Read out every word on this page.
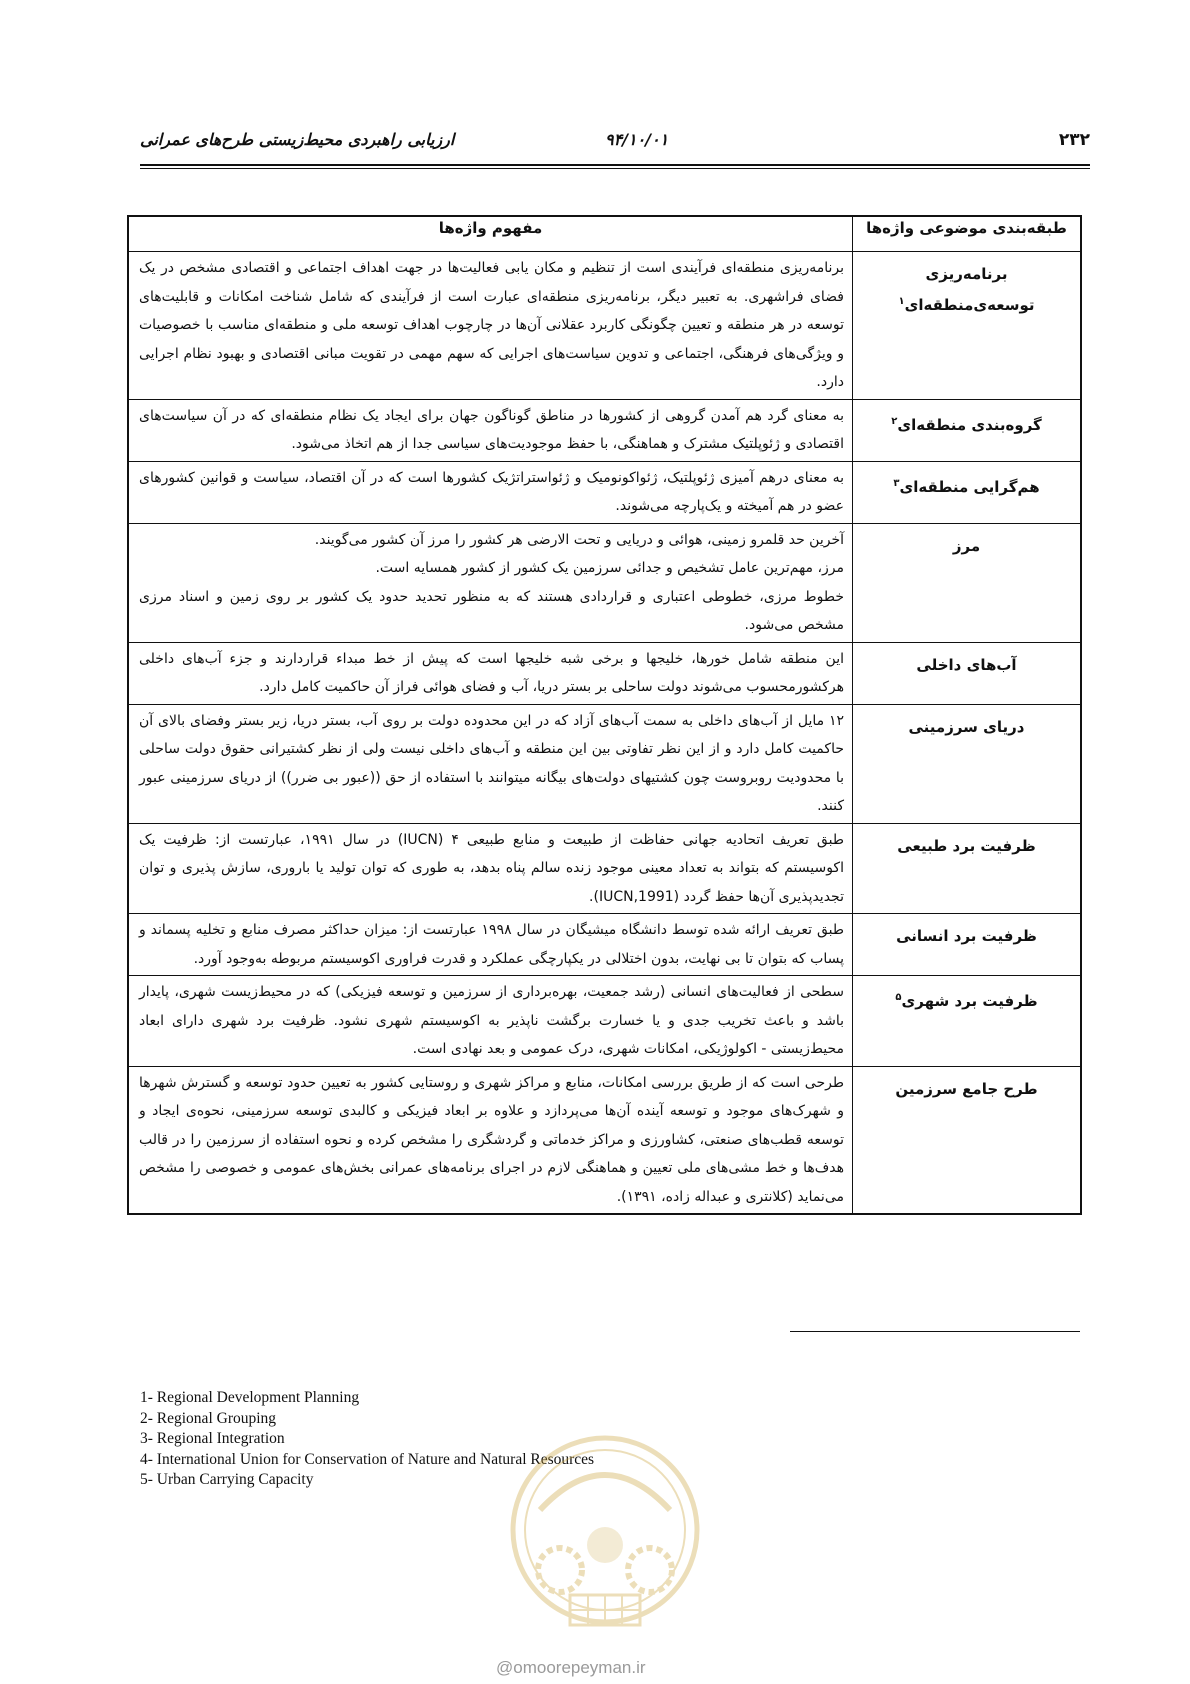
۲۳۲
۹۴/۱۰/۰۱
ارزیابی راهبردی محیط‌زیستی طرح‌های عمرانی
طبقه‌بندی موضوعی واژه‌ها	مفهوم واژه‌ها
برنامه‌ریزی توسعه‌ی‌منطقه‌ای$^۱$	برنامه‌ریزی منطقه‌ای فرآیندی است از تنظیم و مکان یابی فعالیت‌ها در جهت اهداف اجتماعی و اقتصادی مشخص در یک فضای فراشهری. به تعبیر دیگر، برنامه‌ریزی منطقه‌ای عبارت است از فرآیندی که شامل شناخت امکانات و قابلیت‌های توسعه در هر منطقه و تعیین چگونگی کاربرد عقلانی آن‌ها در چارچوب اهداف توسعه ملی و منطقه‌ای مناسب با خصوصیات و ویژگی‌های فرهنگی، اجتماعی و تدوین سیاست‌های اجرایی که سهم مهمی در تقویت مبانی اقتصادی و بهبود نظام اجرایی دارد.

گروه‌بندی منطقه‌ای$^۲$	به معنای گرد هم آمدن گروهی از کشورها در مناطق گوناگون جهان برای ایجاد یک نظام منطقه‌ای که در آن سیاست‌های اقتصادی و ژئوپلتیک مشترک و هماهنگی، با حفظ موجودیت‌های سیاسی جدا از هم اتخاذ می‌شود.

هم‌گرایی منطقه‌ای$^۳$	به معنای درهم آمیزی ژئوپلتیک، ژئواکونومیک و ژئواستراتژیک کشورها است که در آن اقتصاد، سیاست و قوانین کشورهای عضو در هم آمیخته و یک‌پارچه می‌شوند.

مرز	آخرین حد قلمرو زمینی، هوائی و دریایی و تحت الارضی هر کشور را مرز آن کشور می‌گویند.
مرز، مهم‌ترین عامل تشخیص و جدائی سرزمین یک کشور از کشور همسایه است.
خطوط مرزی، خطوطی اعتباری و قراردادی هستند که به منظور تحدید حدود یک کشور بر روی زمین و اسناد مرزی مشخص می‌شود.

آب‌های داخلی	این منطقه شامل خورها، خلیجها و برخی شبه خلیجها است که پیش از خط مبداء قراردارند و جزء آب‌های داخلی هرکشورمحسوب می‌شوند دولت ساحلی بر بستر دریا، آب و فضای هوائی فراز آن حاکمیت کامل دارد.

دریای سرزمینی	۱۲ مایل از آب‌های داخلی به سمت آب‌های آزاد که در این محدوده دولت بر روی آب، بستر دریا، زیر بستر وفضای بالای آن حاکمیت کامل دارد و از این نظر تفاوتی بین این منطقه و آب‌های داخلی نیست ولی از نظر کشتیرانی حقوق دولت ساحلی با محدودیت روبروست چون کشتیهای دولت‌های بیگانه میتوانند با استفاده از حق ((عبور بی ضرر)) از دریای سرزمینی عبور کنند.

ظرفیت برد طبیعی	طبق تعریف اتحادیه جهانی حفاظت از طبیعت و منابع طبیعی ۴ (IUCN) در سال ۱۹۹۱، عبارتست از: ظرفیت یک اکوسیستم که بتواند به تعداد معینی موجود زنده سالم پناه بدهد، به طوری که توان تولید یا باروری، سازش پذیری و توان تجدیدپذیری آن‌ها حفظ گردد (IUCN,1991).

ظرفیت برد انسانی	طبق تعریف ارائه شده توسط دانشگاه میشیگان در سال ۱۹۹۸ عبارتست از: میزان حداکثر مصرف منابع و تخلیه پسماند و پساب که بتوان تا بی نهایت، بدون اختلالی در یکپارچگی عملکرد و قدرت فراوری اکوسیستم مربوطه به‌وجود آورد.

ظرفیت برد شهری$^۵$	سطحی از فعالیت‌های انسانی (رشد جمعیت، بهره‌برداری از سرزمین و توسعه فیزیکی) که در محیط‌زیست شهری، پایدار باشد و باعث تخریب جدی و یا خسارت برگشت ناپذیر به اکوسیستم شهری نشود. ظرفیت برد شهری دارای ابعاد محیط‌زیستی - اکولوژیکی، امکانات شهری، درک عمومی و بعد نهادی است.

طرح جامع سرزمین	طرحی است که از طریق بررسی امکانات، منابع و مراکز شهری و روستایی کشور به تعیین حدود توسعه و گسترش شهرها و شهرک‌های موجود و توسعه آینده آن‌ها می‌پردازد و علاوه بر ابعاد فیزیکی و کالبدی توسعه سرزمینی، نحوه‌ی ایجاد و توسعه قطب‌های صنعتی، کشاورزی و مراکز خدماتی و گردشگری را مشخص کرده و نحوه استفاده از سرزمین را در قالب هدف‌ها و خط مشی‌های ملی تعیین و هماهنگی لازم در اجرای برنامه‌های عمرانی بخش‌های عمومی و خصوصی را مشخص می‌نماید (کلانتری و عبداله زاده، ۱۳۹۱).

1- Regional Development Planning
2- Regional Grouping
3- Regional Integration
4- International Union for Conservation of Nature and Natural Resources
5- Urban Carrying Capacity
@omoorepeyman.ir
